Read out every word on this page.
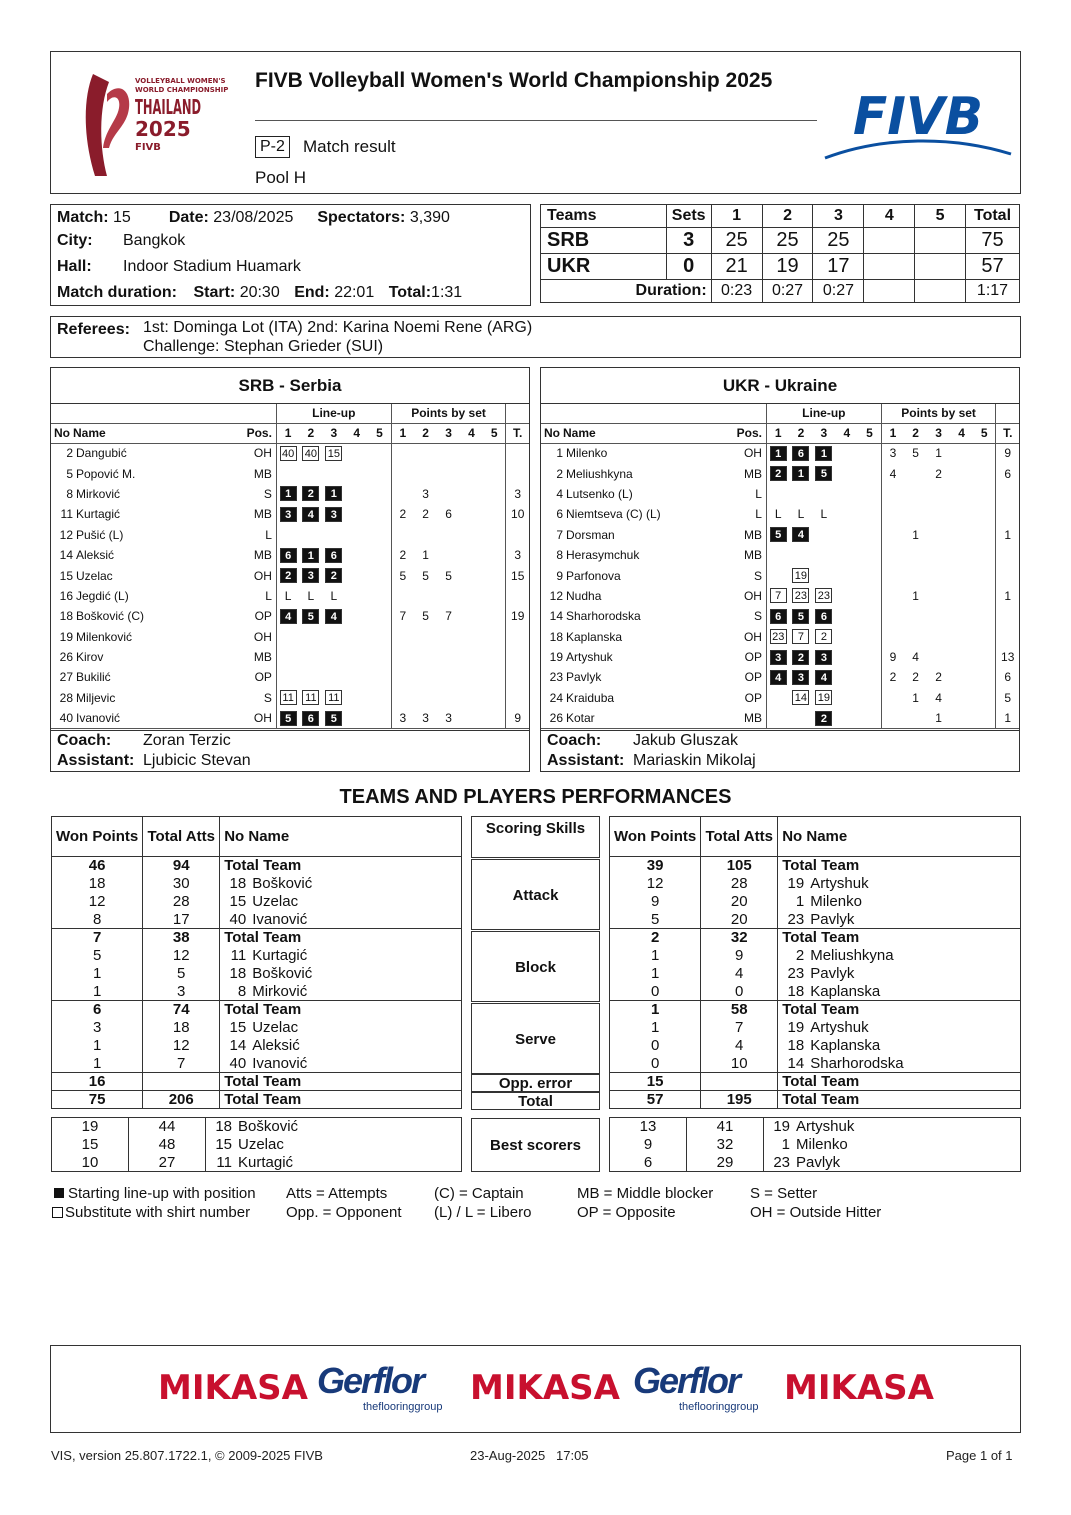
VOLLEYBALL WOMEN'S
WORLD CHAMPIONSHIP
THAILAND
2025
FIVB
FIVB Volleyball Women's World Championship 2025
P-2 Match result
Pool H
FIVB
Match: 15	Date: 23/08/2025	Spectators: 3,390
City: Bangkok
Hall: Indoor Stadium Huamark
Match duration: Start: 20:30 End: 22:01 Total:1:31
Teams	Sets	1	2	3	4	5	Total
SRB	3	25	25	25			75
UKR	0	21	19	17			57
Duration:		0:23	0:27	0:27			1:17
Referees: 1st: Dominga Lot (ITA) 2nd: Karina Noemi Rene (ARG)
Challenge: Stephan Grieder (SUI)
SRB - Serbia
		Line-up					Points by set					
No Name	Pos.	1	2	3	4	5	1	2	3	4	5	T.
2 Dangubić	OH	40	40	15								
5 Popović M.	MB											
8 Mirković	S	1	2	1				3				3
11 Kurtagić	MB	3	4	3			2	2	6			10
12 Pušić (L)	L											
14 Aleksić	MB	6	1	6			2	1				3
15 Uzelac	OH	2	3	2			5	5	5			15
16 Jegdić (L)	L	L	L	L								
18 Bošković (C)	OP	4	5	4			7	5	7			19
19 Milenković	OH											
26 Kirov	MB											
27 Bukilić	OP											
28 Miljevic	S	11	11	11								
40 Ivanović	OH	5	6	5			3	3	3			9
Coach: Zoran Terzic
Assistant: Ljubicic Stevan
UKR - Ukraine
		Line-up					Points by set					
No Name	Pos.	1	2	3	4	5	1	2	3	4	5	T.
1 Milenko	OH	1	6	1			3	5	1			9
2 Meliushkyna	MB	2	1	5			4		2			6
4 Lutsenko (L)	L											
6 Niemtseva (C) (L)	L	L	L	L								
7 Dorsman	MB	5	4					1				1
8 Herasymchuk	MB											
9 Parfonova	S		19									
12 Nudha	OH	7	23	23				1				1
14 Sharhorodska	S	6	5	6								
18 Kaplanska	OH	23	7	2								
19 Artyshuk	OP	3	2	3			9	4				13
23 Pavlyk	OP	4	3	4			2	2	2			6
24 Kraiduba	OP		14	19				1	4			5
26 Kotar	MB			2					1			1
Coach: Jakub Gluszak
Assistant: Mariaskin Mikolaj
TEAMS AND PLAYERS PERFORMANCES
Won Points	Total Atts	No Name
46	94	Total Team
18	30	18 Bošković
12	28	15 Uzelac
8	17	40 Ivanović
7	38	Total Team
5	12	11 Kurtagić
1	5	18 Bošković
1	3	8 Mirković
6	74	Total Team
3	18	15 Uzelac
1	12	14 Aleksić
1	7	40 Ivanović
16		Total Team
75	206	Total Team
19	44	18 Bošković
15	48	15 Uzelac
10	27	11 Kurtagić
Won Points	Total Atts	No Name
39	105	Total Team
12	28	19 Artyshuk
9	20	1 Milenko
5	20	23 Pavlyk
2	32	Total Team
1	9	2 Meliushkyna
1	4	23 Pavlyk
0	0	18 Kaplanska
1	58	Total Team
1	7	19 Artyshuk
0	4	18 Kaplanska
0	10	14 Sharhorodska
15		Total Team
57	195	Total Team
13	41	19 Artyshuk
9	32	1 Milenko
6	29	23 Pavlyk
Scoring Skills
Attack
Block
Serve
Opp. error
Total
Best scorers
Starting line-up with position
Substitute with shirt number
Atts = Attempts
Opp. = Opponent
(C) = Captain
(L) / L = Libero
MB = Middle blocker
OP = Opposite
S = Setter
OH = Outside Hitter
MIKASA Gerflor
theflooringgroup MIKASA Gerflor
theflooringgroup MIKASA
VIS, version 25.807.1722.1, © 2009-2025 FIVB	23-Aug-2025   17:05	Page 1 of 1
